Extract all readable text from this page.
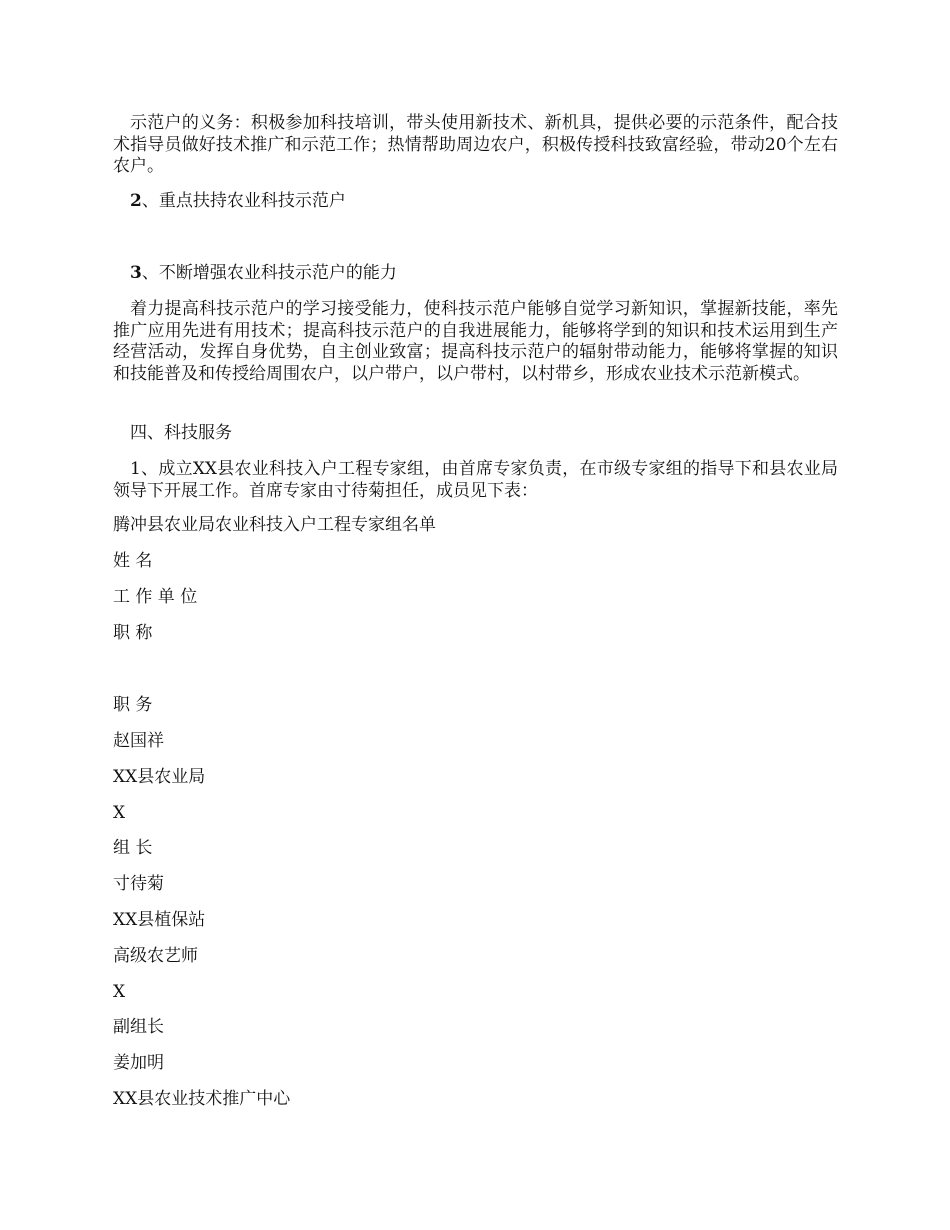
示范户的义务：积极参加科技培训，带头使用新技术、新机具，提供必要的示范条件，配合技术指导员做好技术推广和示范工作；热情帮助周边农户，积极传授科技致富经验，带动20个左右农户。

2、重点扶持农业科技示范户

3、不断增强农业科技示范户的能力

着力提高科技示范户的学习接受能力，使科技示范户能够自觉学习新知识，掌握新技能，率先推广应用先进有用技术；提高科技示范户的自我进展能力，能够将学到的知识和技术运用到生产经营活动，发挥自身优势，自主创业致富；提高科技示范户的辐射带动能力，能够将掌握的知识和技能普及和传授给周围农户，以户带户，以户带村，以村带乡，形成农业技术示范新模式。

四、科技服务

1、成立XX县农业科技入户工程专家组，由首席专家负责，在市级专家组的指导下和县农业局领导下开展工作。首席专家由寸待菊担任，成员见下表：

腾冲县农业局农业科技入户工程专家组名单

姓 名

工 作 单 位

职 称

职 务

赵国祥

XX县农业局

X

组 长

寸待菊

XX县植保站

高级农艺师

X

副组长

姜加明

XX县农业技术推广中心
